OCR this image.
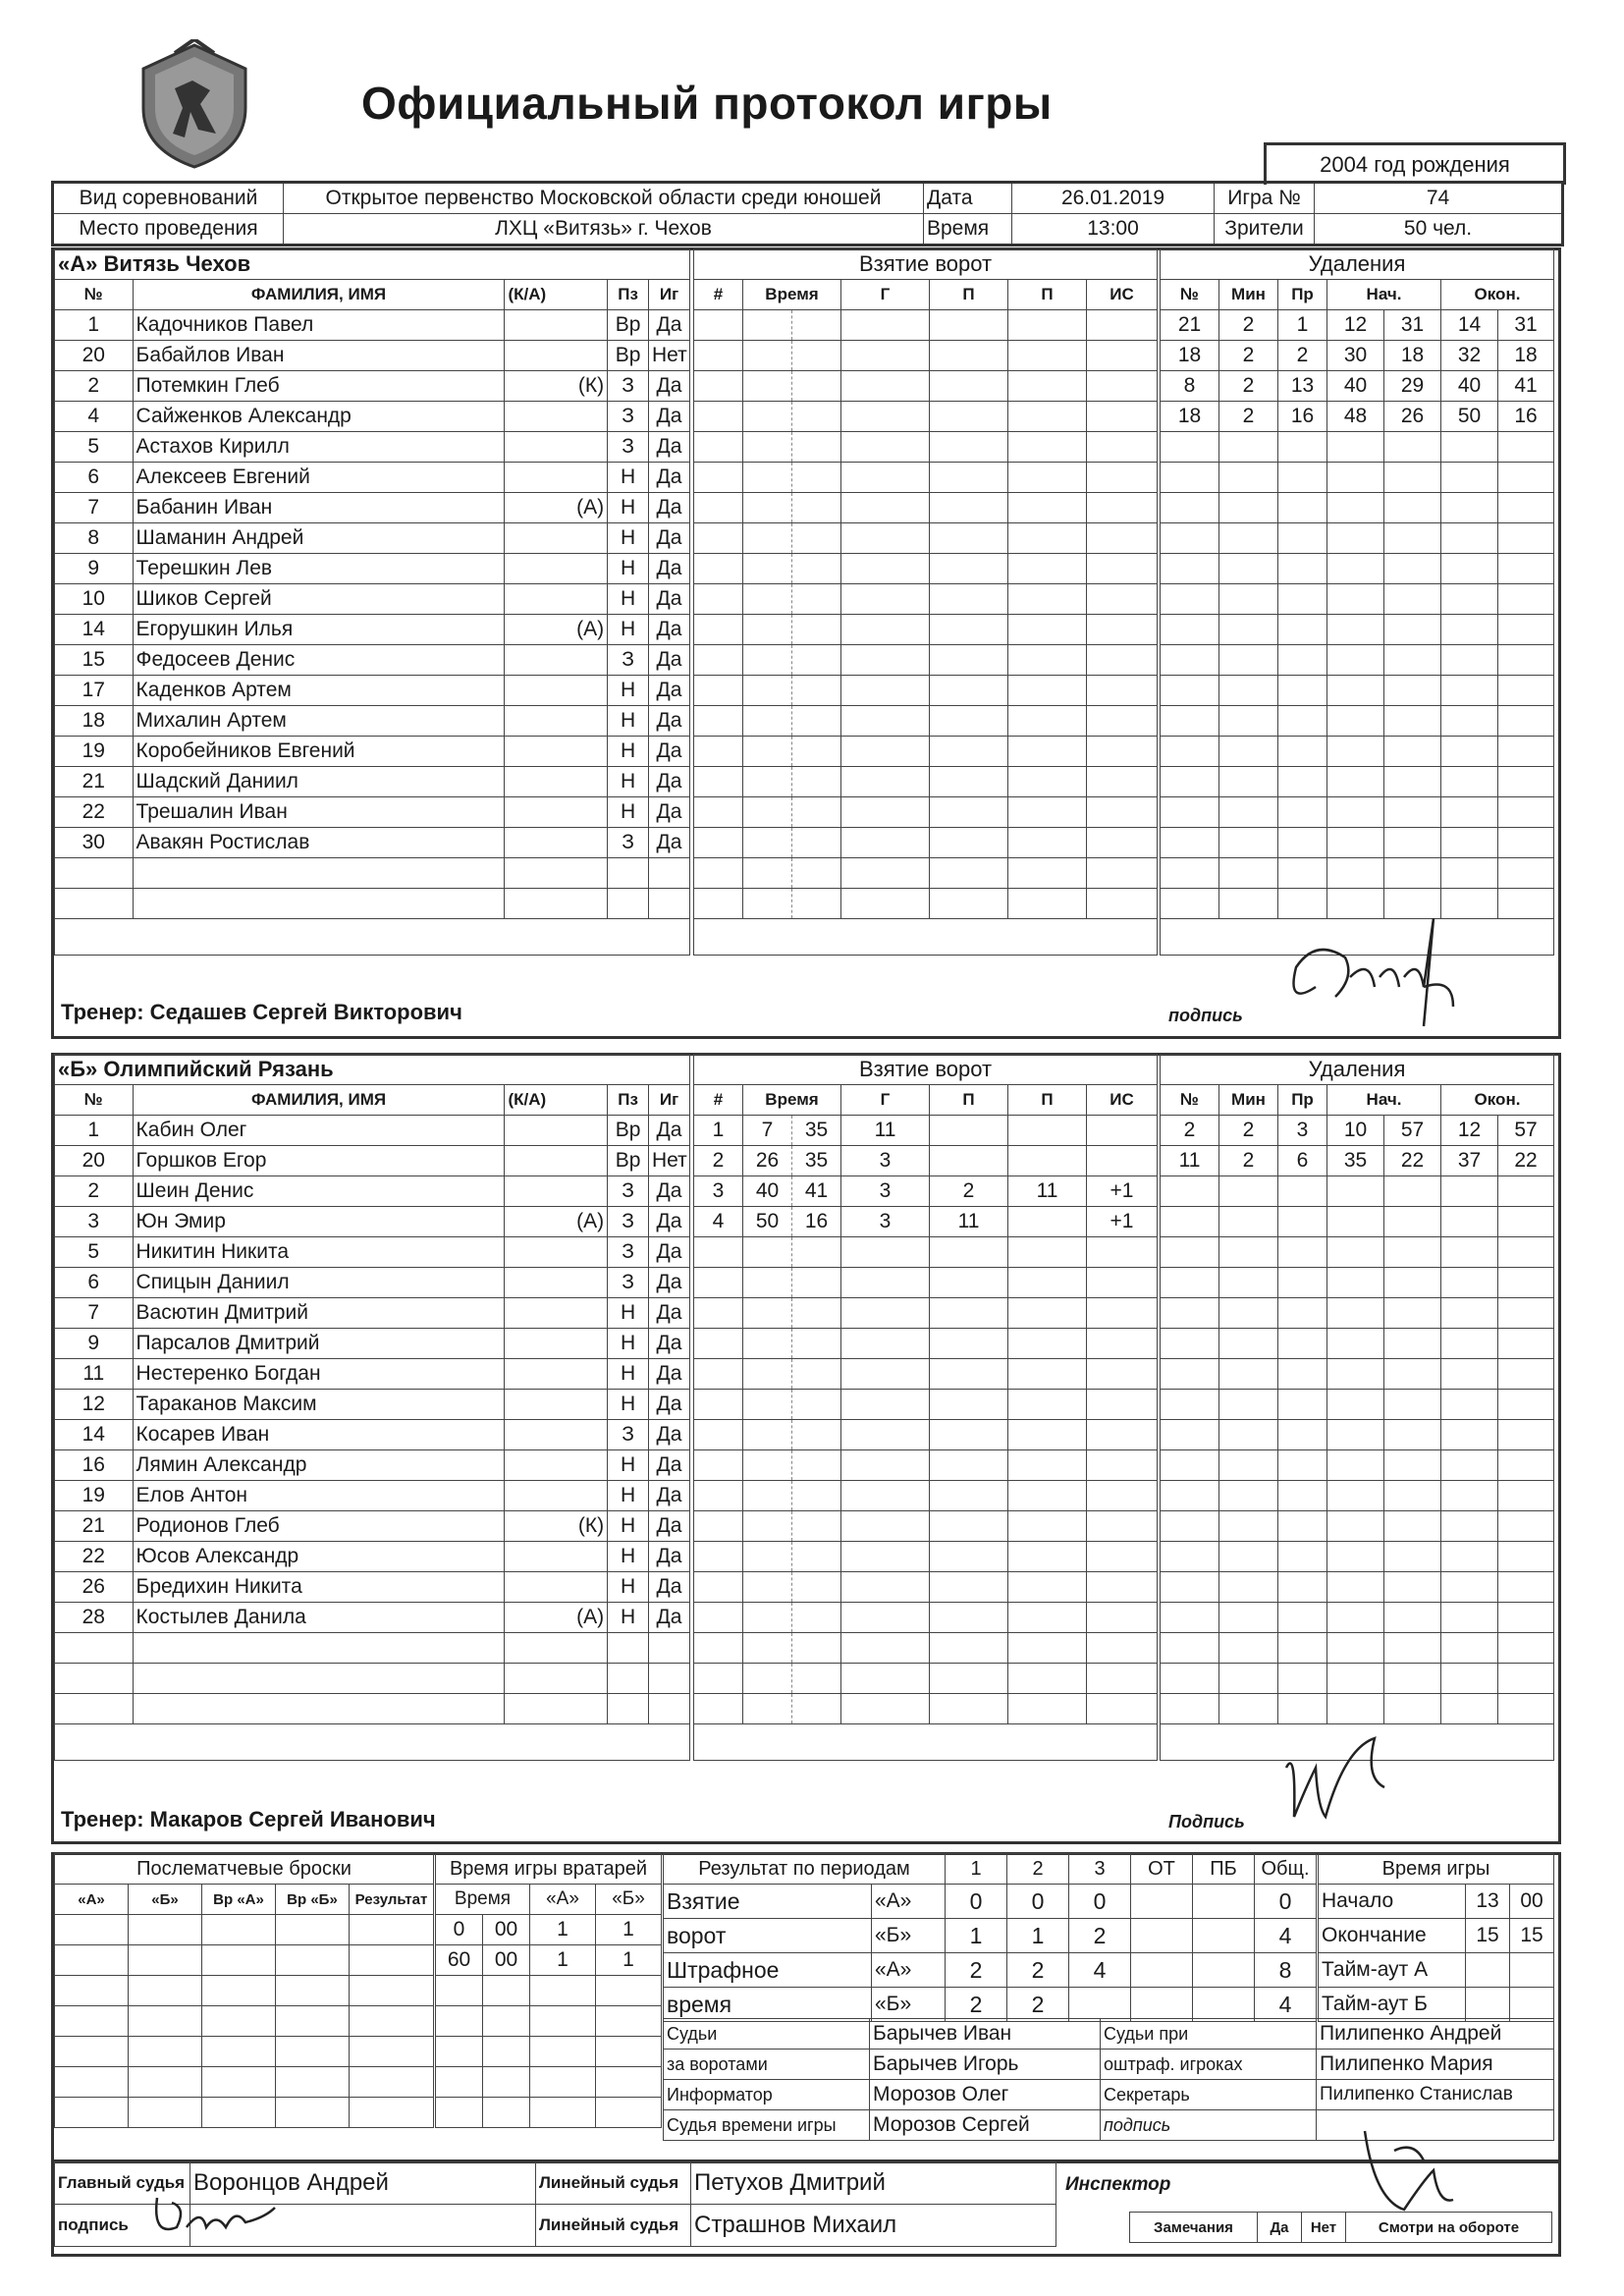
Официальный протокол игры
2004 год рождения
Вид соревнований	Открытое первенство Московской области среди юношей	Дата	26.01.2019	Игра №	74
Место проведения	ЛХЦ «Витязь» г. Чехов	Время	13:00	Зрители	50 чел.
«А» Витязь Чехов				
№	ФАМИЛИЯ, ИМЯ	(К/А)	Пз	Иг
1	Кадочников Павел		Вр	Да
20	Бабайлов Иван		Вр	Нет
2	Потемкин Глеб	(К)	З	Да
4	Сайженков Александр		З	Да
5	Астахов Кирилл		З	Да
6	Алексеев Евгений		Н	Да
7	Бабанин Иван	(А)	Н	Да
8	Шаманин Андрей		Н	Да
9	Терешкин Лев		Н	Да
10	Шиков Сергей		Н	Да
14	Егорушкин Илья	(А)	Н	Да
15	Федосеев Денис		З	Да
17	Каденков Артем		Н	Да
18	Михалин Артем		Н	Да
19	Коробейников Евгений		Н	Да
21	Шадский Даниил		Н	Да
22	Трешалин Иван		Н	Да
30	Авакян Ростислав		З	Да

Взятие ворот						
#	Время		Г	П	П	ИС

Удаления						
№	Мин	Пр	Нач.		Окон.	
21	2	1	12	31	14	31
18	2	2	30	18	32	18
8	2	13	40	29	40	41
18	2	16	48	26	50	16

Тренер: Седашев Сергей Викторович	подпись
«Б» Олимпийский Рязань				
№	ФАМИЛИЯ, ИМЯ	(К/А)	Пз	Иг
1	Кабин Олег		Вр	Да
20	Горшков Егор		Вр	Нет
2	Шеин Денис		З	Да
3	Юн Эмир	(А)	З	Да
5	Никитин Никита		З	Да
6	Спицын Даниил		З	Да
7	Васютин Дмитрий		Н	Да
9	Парсалов Дмитрий		Н	Да
11	Нестеренко Богдан		Н	Да
12	Тараканов Максим		Н	Да
14	Косарев Иван		З	Да
16	Лямин Александр		Н	Да
19	Елов Антон		Н	Да
21	Родионов Глеб	(К)	Н	Да
22	Юсов Александр		Н	Да
26	Бредихин Никита		Н	Да
28	Костылев Данила	(А)	Н	Да

Взятие ворот						
#	Время		Г	П	П	ИС
1	7	35	11			
2	26	35	3			
3	40	41	3	2	11	+1
4	50	16	3	11		+1

Удаления						
№	Мин	Пр	Нач.		Окон.	
2	2	3	10	57	12	57
11	2	6	35	22	37	22

Тренер: Макаров Сергей Иванович	Подпись
Послематчевые броски				
«А»	«Б»	Вр «А»	Вр «Б»	Результат

Время игры вратарей			
Время		«А»	«Б»
0	00	1	1
60	00	1	1

Результат по периодам		1	2	3	ОТ	ПБ	Общ.
Взятие	«А»	0	0	0			0
ворот	«Б»	1	1	2			4
Штрафное	«А»	2	2	4			8
время	«Б»	2	2				4
Время игры		
Начало	13	00
Окончание	15	15
Тайм-аут А		
Тайм-аут Б		
Судьи	Барычев Иван	Судьи при	Пилипенко Андрей
за воротами	Барычев Игорь	оштраф. игроках	Пилипенко Мария
Информатор	Морозов Олег	Секретарь	Пилипенко Станислав
Судья времени игры	Морозов Сергей	подпись	
Главный судья	Воронцов Андрей	Линейный судья	Петухов Дмитрий
подпись		Линейный судья	Страшнов Михаил
Инспектор
Замечания	Да	Нет	Смотри на обороте
